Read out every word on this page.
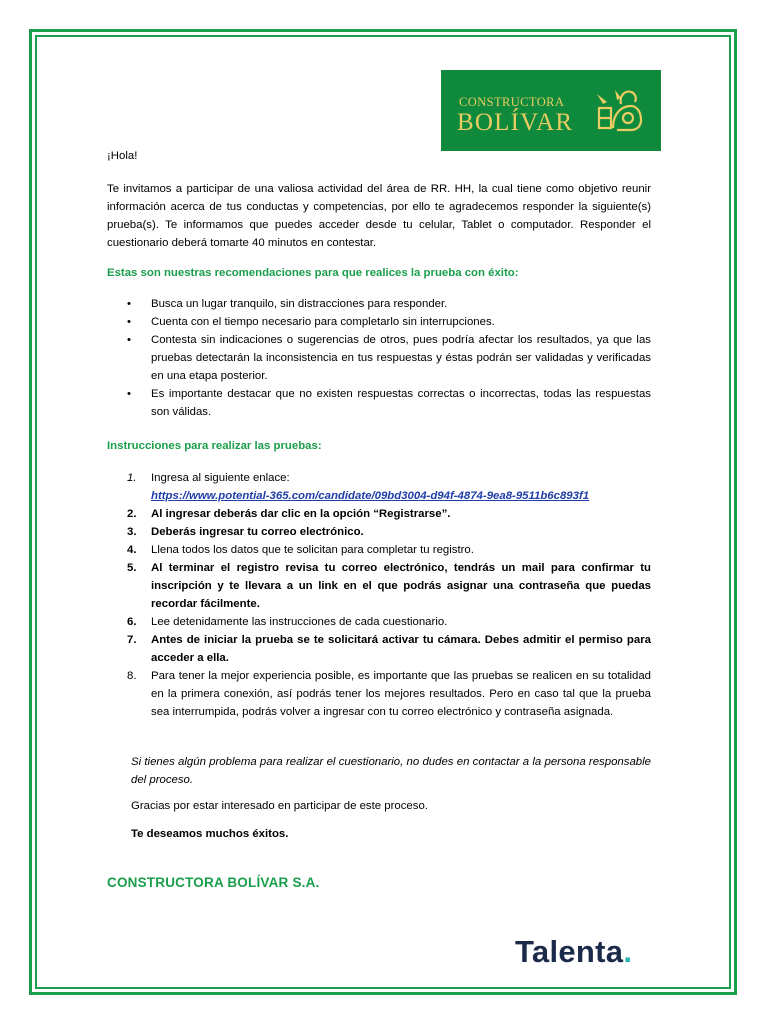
CONSTRUCTORA
BOLÍVAR
¡Hola!
Te invitamos a participar de una valiosa actividad del área de RR. HH, la cual tiene como objetivo reunir información acerca de tus conductas y competencias, por ello te agradecemos responder la siguiente(s) prueba(s). Te informamos que puedes acceder desde tu celular, Tablet o computador. Responder el cuestionario deberá tomarte 40 minutos en contestar.
Estas son nuestras recomendaciones para que realices la prueba con éxito:
• Busca un lugar tranquilo, sin distracciones para responder.
• Cuenta con el tiempo necesario para completarlo sin interrupciones.
• Contesta sin indicaciones o sugerencias de otros, pues podría afectar los resultados, ya que las pruebas detectarán la inconsistencia en tus respuestas y éstas podrán ser validadas y verificadas en una etapa posterior.
• Es importante destacar que no existen respuestas correctas o incorrectas, todas las respuestas son válidas.
Instrucciones para realizar las pruebas:
1. Ingresa al siguiente enlace:
https://www.potential-365.com/candidate/09bd3004-d94f-4874-9ea8-9511b6c893f1
2. Al ingresar deberás dar clic en la opción “Registrarse”.
3. Deberás ingresar tu correo electrónico.
4. Llena todos los datos que te solicitan para completar tu registro.
5. Al terminar el registro revisa tu correo electrónico, tendrás un mail para confirmar tu inscripción y te llevara a un link en el que podrás asignar una contraseña que puedas recordar fácilmente.
6. Lee detenidamente las instrucciones de cada cuestionario.
7. Antes de iniciar la prueba se te solicitará activar tu cámara. Debes admitir el permiso para acceder a ella.
8. Para tener la mejor experiencia posible, es importante que las pruebas se realicen en su totalidad en la primera conexión, así podrás tener los mejores resultados. Pero en caso tal que la prueba sea interrumpida, podrás volver a ingresar con tu correo electrónico y contraseña asignada.
Si tienes algún problema para realizar el cuestionario, no dudes en contactar a la persona responsable del proceso.
Gracias por estar interesado en participar de este proceso.
Te deseamos muchos éxitos.
CONSTRUCTORA BOLÍVAR S.A.
Talenta.
